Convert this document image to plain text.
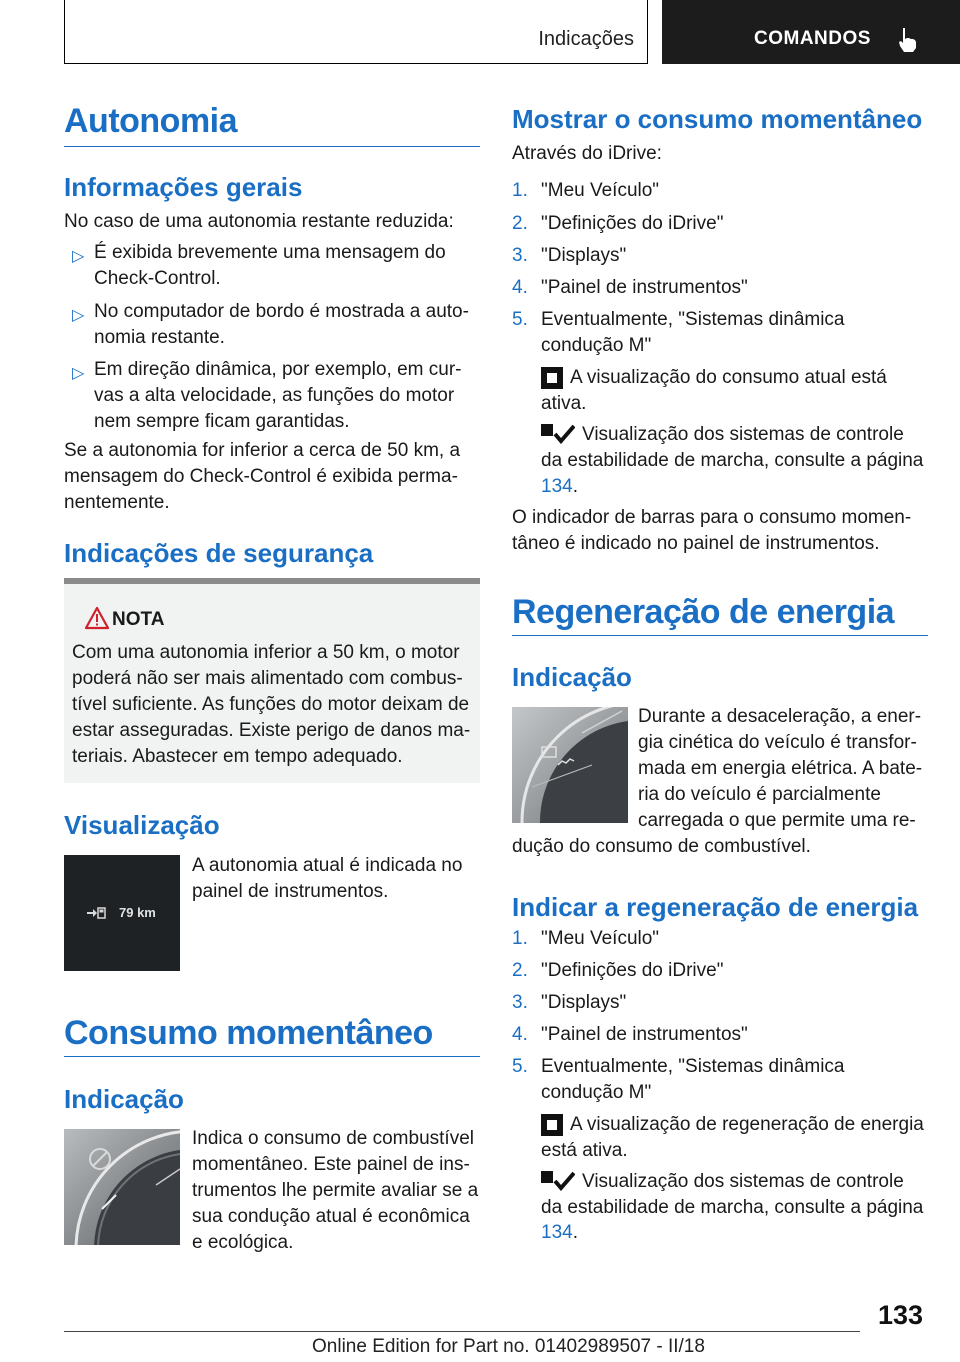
Indicações	COMANDOS
Autonomia
Informações gerais
No caso de uma autonomia restante reduzida:
▷ É exibida brevemente uma mensagem do
Check-Control.
▷ No computador de bordo é mostrada a auto-
nomia restante.
▷ Em direção dinâmica, por exemplo, em cur-
vas a alta velocidade, as funções do motor
nem sempre ficam garantidas.
Se a autonomia for inferior a cerca de 50 km, a
mensagem do Check-Control é exibida perma-
nentemente.
Indicações de segurança
NOTA
Com uma autonomia inferior a 50 km, o motor
poderá não ser mais alimentado com combus-
tível suficiente. As funções do motor deixam de
estar asseguradas. Existe perigo de danos ma-
teriais. Abastecer em tempo adequado.
Visualização
79 km
A autonomia atual é indicada no
painel de instrumentos.
Consumo momentâneo
Indicação
Indica o consumo de combustível
momentâneo. Este painel de ins-
trumentos lhe permite avaliar se a
sua condução atual é econômica
e ecológica.
Mostrar o consumo momentâneo
Através do iDrive:
1. "Meu Veículo"
2. "Definições do iDrive"
3. "Displays"
4. "Painel de instrumentos"
5. Eventualmente, "Sistemas dinâmica
condução M"
A visualização do consumo atual está
ativa.
Visualização dos sistemas de controle
da estabilidade de marcha, consulte a página
134.
O indicador de barras para o consumo momen-
tâneo é indicado no painel de instrumentos.
Regeneração de energia
Indicação
Durante a desaceleração, a ener-
gia cinética do veículo é transfor-
mada em energia elétrica. A bate-
ria do veículo é parcialmente
carregada o que permite uma re-
dução do consumo de combustível.
Indicar a regeneração de energia
1. "Meu Veículo"
2. "Definições do iDrive"
3. "Displays"
4. "Painel de instrumentos"
5. Eventualmente, "Sistemas dinâmica
condução M"
A visualização de regeneração de energia
está ativa.
Visualização dos sistemas de controle
da estabilidade de marcha, consulte a página
134.
133
Online Edition for Part no. 01402989507 - II/18
